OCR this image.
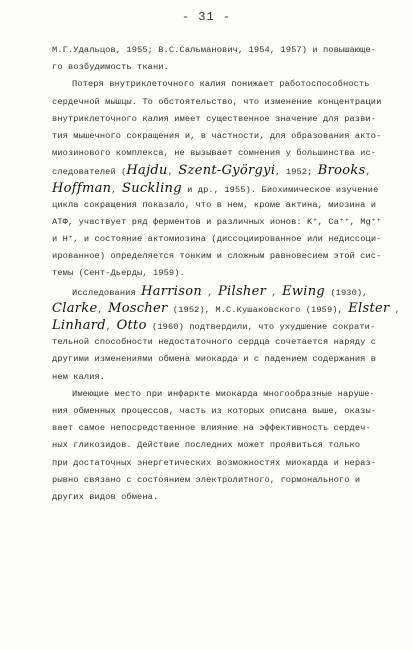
- 31 -
М.Г.Удальцов, 1955; В.С.Сальманович, 1954, 1957) и повышающе-
го возбудимость ткани.
Потеря внутриклеточного калия понижает работоспособность
сердечной мышцы. То обстоятельство, что изменение концентрации
внутриклеточного калия имеет существенное значение для разви-
тия мышечного сокращения и, в частности, для образования акто-
миозинового комплекса, не вызывает сомнения у большинства ис-
следователей (Hajdu, Szent-Györgyi, 1952; Brooks,
Hoffman, Suckling и др., 1955). Биохимическое изучение
цикла сокращения показало, что в нем, кроме актина, миозина и
АТФ, участвует ряд ферментов и различных ионов: K⁺, Ca⁺⁺, Mg⁺⁺
и H⁺, и состояние актомиозина (диссоциированное или недиссоци-
ированное) определяется тонким и сложным равновесием этой сис-
темы (Сент-Дьерды, 1959).
Исследования Harrison , Pilsher , Ewing (1930),
Clarke, Moscher (1952), М.С.Кушаковского (1959), Elster ,
Linhard, Otto (1960) подтвердили, что ухудшение сократи-
тельной способности недостаточного сердца сочетается наряду с
другими изменениями обмена миокарда и с падением содержания в
нем калия.
Имеющие место при инфаркте миокарда многообразные наруше-
ния обменных процессов, часть из которых описана выше, оказы-
вает самое непосредственное влияние на эффективность сердеч-
ных гликозидов. Действие последних может проявиться только
при достаточных энергетических возможностях миокарда и нераз-
рывно связано с состоянием электролитного, гормонального и
других видов обмена.
